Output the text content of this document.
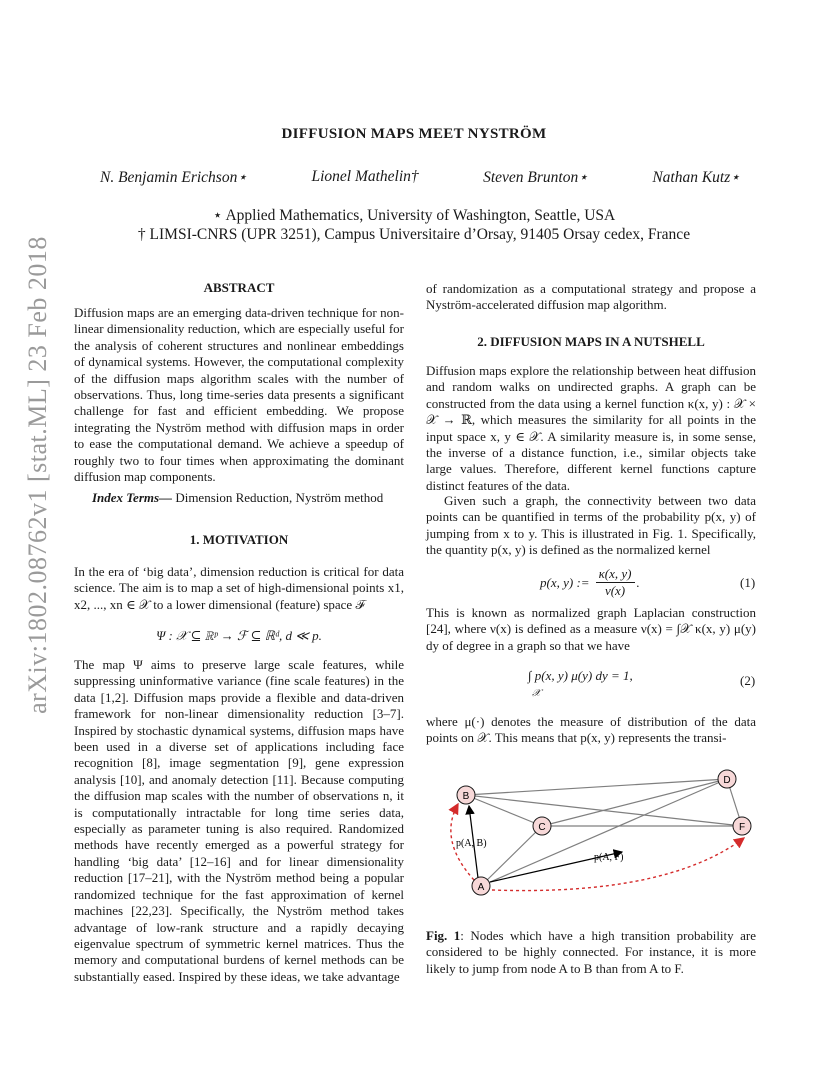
arXiv:1802.08762v1 [stat.ML] 23 Feb 2018
DIFFUSION MAPS MEET NYSTRÖM
N. Benjamin Erichson⋆	Lionel Mathelin†	Steven Brunton⋆	Nathan Kutz⋆
⋆ Applied Mathematics, University of Washington, Seattle, USA
† LIMSI-CNRS (UPR 3251), Campus Universitaire d’Orsay, 91405 Orsay cedex, France
ABSTRACT

Diffusion maps are an emerging data-driven technique for non-linear dimensionality reduction, which are especially useful for the analysis of coherent structures and nonlinear embeddings of dynamical systems. However, the computational complexity of the diffusion maps algorithm scales with the number of observations. Thus, long time-series data presents a significant challenge for fast and efficient embedding. We propose integrating the Nyström method with diffusion maps in order to ease the computational demand. We achieve a speedup of roughly two to four times when approximating the dominant diffusion map components.

Index Terms— Dimension Reduction, Nyström method
1. MOTIVATION

In the era of ‘big data’, dimension reduction is critical for data science. The aim is to map a set of high-dimensional points x1, x2, ..., xn ∈ 𝒳 to a lower dimensional (feature) space ℱ

Ψ : 𝒳 ⊆ ℝᵖ → ℱ ⊆ ℝᵈ, d ≪ p.

The map Ψ aims to preserve large scale features, while suppressing uninformative variance (fine scale features) in the data [1,2]. Diffusion maps provide a flexible and data-driven framework for non-linear dimensionality reduction [3–7]. Inspired by stochastic dynamical systems, diffusion maps have been used in a diverse set of applications including face recognition [8], image segmentation [9], gene expression analysis [10], and anomaly detection [11]. Because computing the diffusion map scales with the number of observations n, it is computationally intractable for long time series data, especially as parameter tuning is also required. Randomized methods have recently emerged as a powerful strategy for handling ‘big data’ [12–16] and for linear dimensionality reduction [17–21], with the Nyström method being a popular randomized technique for the fast approximation of kernel machines [22,23]. Specifically, the Nyström method takes advantage of low-rank structure and a rapidly decaying eigenvalue spectrum of symmetric kernel matrices. Thus the memory and computational burdens of kernel methods can be substantially eased. Inspired by these ideas, we take advantage

of randomization as a computational strategy and propose a Nyström-accelerated diffusion map algorithm.

2. DIFFUSION MAPS IN A NUTSHELL

Diffusion maps explore the relationship between heat diffusion and random walks on undirected graphs. A graph can be constructed from the data using a kernel function κ(x, y) : 𝒳 × 𝒳 → ℝ, which measures the similarity for all points in the input space x, y ∈ 𝒳. A similarity measure is, in some sense, the inverse of a distance function, i.e., similar objects take large values. Therefore, different kernel functions capture distinct features of the data.

Given such a graph, the connectivity between two data points can be quantified in terms of the probability p(x, y) of jumping from x to y. This is illustrated in Fig. 1. Specifically, the quantity p(x, y) is defined as the normalized kernel

p(x, y) := $\frac{\kappa(x, y)}{\nu(x)}$ .	(1)

This is known as normalized graph Laplacian construction [24], where ν(x) is defined as a measure ν(x) = ∫𝒳 κ(x, y) μ(y) dy of degree in a graph so that we have

∫ p(x, y) μ(y) dy = 1,
𝒳
(2)

where μ(·) denotes the measure of distribution of the data points on 𝒳. This means that p(x, y) represents the transi-

B
C
D
F
A
p(A, B)
p(A, F)
Fig. 1: Nodes which have a high transition probability are considered to be highly connected. For instance, it is more likely to jump from node A to B than from A to F.
